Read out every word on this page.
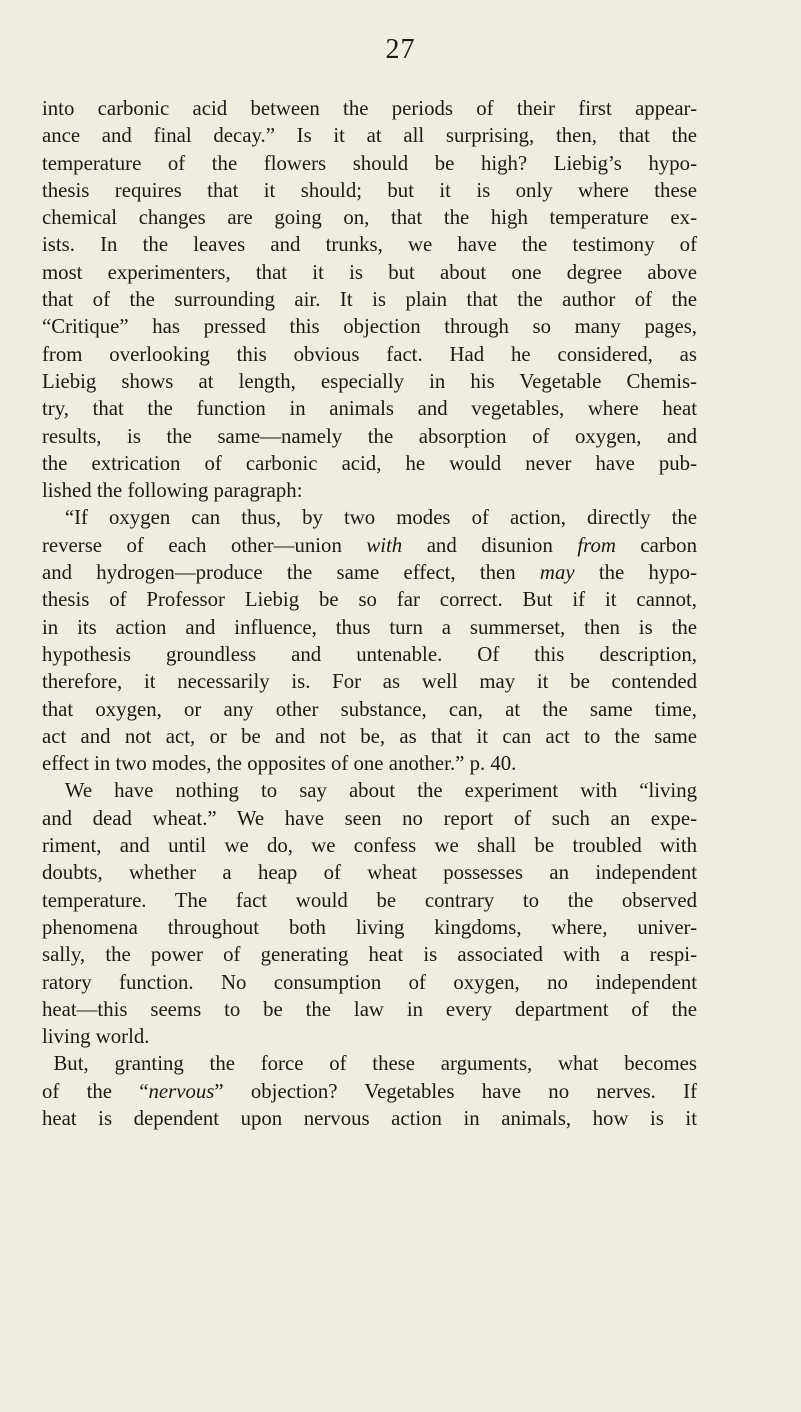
27
into carbonic acid between the periods of their first appear-
ance and final decay.” Is it at all surprising, then, that the
temperature of the flowers should be high? Liebig’s hypo-
thesis requires that it should; but it is only where these
chemical changes are going on, that the high temperature ex-
ists. In the leaves and trunks, we have the testimony of
most experimenters, that it is but about one degree above
that of the surrounding air. It is plain that the author of the
“Critique” has pressed this objection through so many pages,
from overlooking this obvious fact. Had he considered, as
Liebig shows at length, especially in his Vegetable Chemis-
try, that the function in animals and vegetables, where heat
results, is the same—namely the absorption of oxygen, and
the extrication of carbonic acid, he would never have pub-
lished the following paragraph:
“If oxygen can thus, by two modes of action, directly the
reverse of each other—union with and disunion from carbon
and hydrogen—produce the same effect, then may the hypo-
thesis of Professor Liebig be so far correct. But if it cannot,
in its action and influence, thus turn a summerset, then is the
hypothesis groundless and untenable. Of this description,
therefore, it necessarily is. For as well may it be contended
that oxygen, or any other substance, can, at the same time,
act and not act, or be and not be, as that it can act to the same
effect in two modes, the opposites of one another.” p. 40.
We have nothing to say about the experiment with “living
and dead wheat.” We have seen no report of such an expe-
riment, and until we do, we confess we shall be troubled with
doubts, whether a heap of wheat possesses an independent
temperature. The fact would be contrary to the observed
phenomena throughout both living kingdoms, where, univer-
sally, the power of generating heat is associated with a respi-
ratory function. No consumption of oxygen, no independent
heat—this seems to be the law in every department of the
living world.
But, granting the force of these arguments, what becomes
of the “nervous” objection? Vegetables have no nerves. If
heat is dependent upon nervous action in animals, how is it
